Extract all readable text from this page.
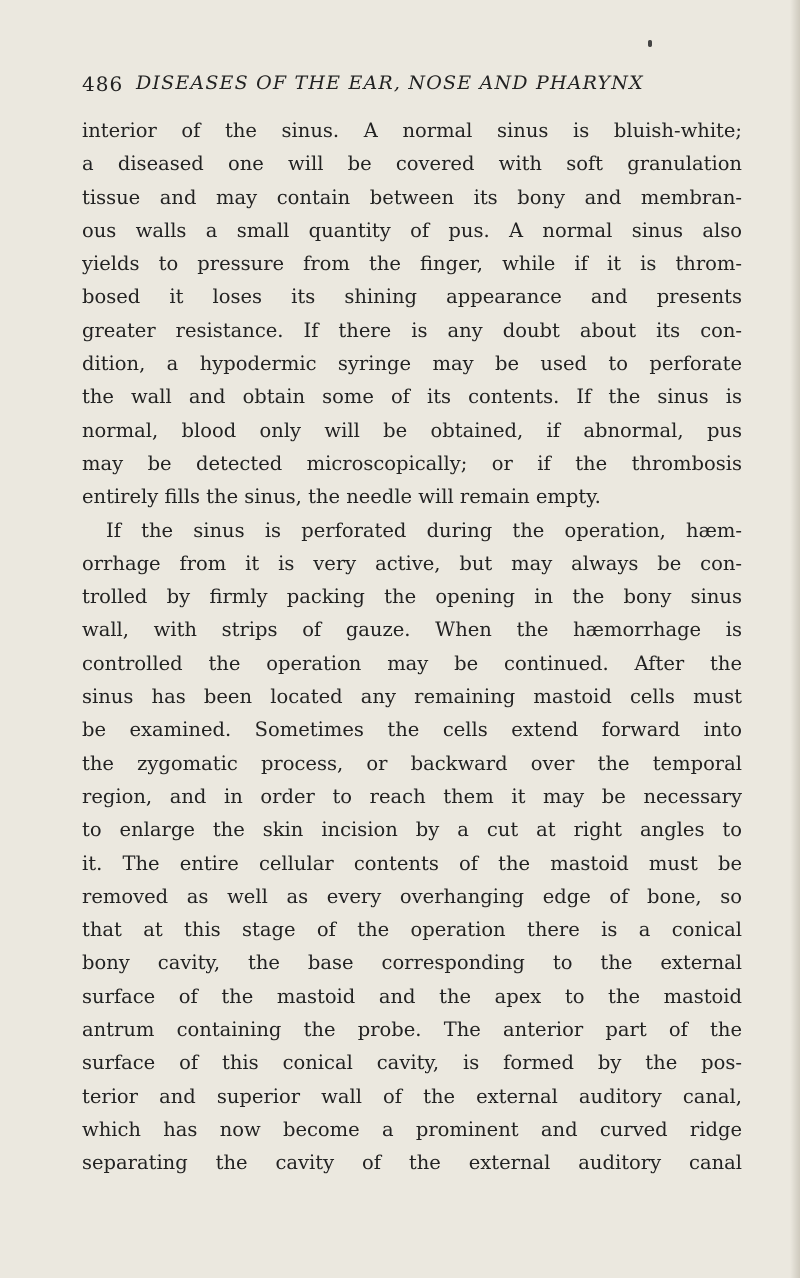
486 DISEASES OF THE EAR, NOSE AND PHARYNX
interior of the sinus. A normal sinus is bluish-white;
a diseased one will be covered with soft granulation
tissue and may contain between its bony and membran-
ous walls a small quantity of pus. A normal sinus also
yields to pressure from the finger, while if it is throm-
bosed it loses its shining appearance and presents
greater resistance. If there is any doubt about its con-
dition, a hypodermic syringe may be used to perforate
the wall and obtain some of its contents. If the sinus is
normal, blood only will be obtained, if abnormal, pus
may be detected microscopically; or if the thrombosis
entirely fills the sinus, the needle will remain empty.
If the sinus is perforated during the operation, hæm-
orrhage from it is very active, but may always be con-
trolled by firmly packing the opening in the bony sinus
wall, with strips of gauze. When the hæmorrhage is
controlled the operation may be continued. After the
sinus has been located any remaining mastoid cells must
be examined. Sometimes the cells extend forward into
the zygomatic process, or backward over the temporal
region, and in order to reach them it may be necessary
to enlarge the skin incision by a cut at right angles to
it. The entire cellular contents of the mastoid must be
removed as well as every overhanging edge of bone, so
that at this stage of the operation there is a conical
bony cavity, the base corresponding to the external
surface of the mastoid and the apex to the mastoid
antrum containing the probe. The anterior part of the
surface of this conical cavity, is formed by the pos-
terior and superior wall of the external auditory canal,
which has now become a prominent and curved ridge
separating the cavity of the external auditory canal
